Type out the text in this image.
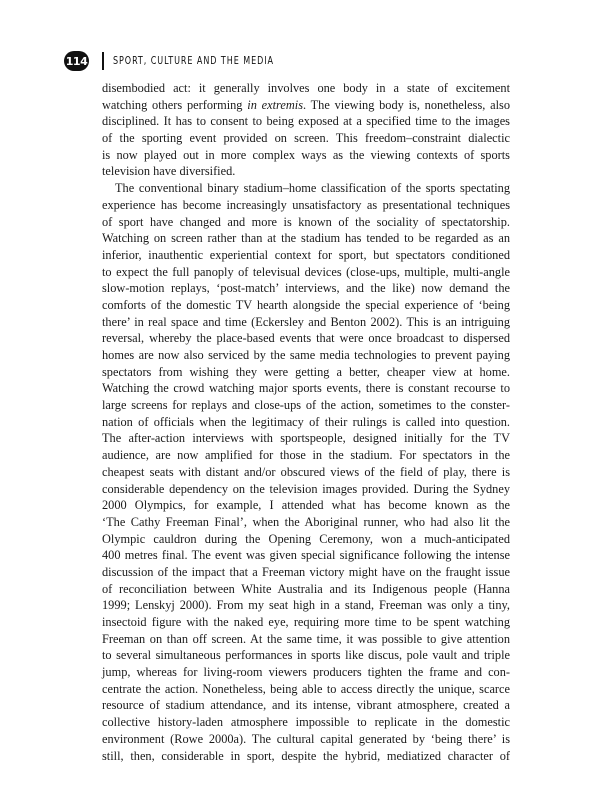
114 SPORT, CULTURE AND THE MEDIA

disembodied act: it generally involves one body in a state of excitement
watching others performing in extremis. The viewing body is, nonetheless, also
disciplined. It has to consent to being exposed at a specified time to the images
of the sporting event provided on screen. This freedom–constraint dialectic
is now played out in more complex ways as the viewing contexts of sports
television have diversified.

The conventional binary stadium–home classification of the sports spectating
experience has become increasingly unsatisfactory as presentational techniques
of sport have changed and more is known of the sociality of spectatorship.
Watching on screen rather than at the stadium has tended to be regarded as an
inferior, inauthentic experiential context for sport, but spectators conditioned
to expect the full panoply of televisual devices (close-ups, multiple, multi-angle
slow-motion replays, ‘post-match’ interviews, and the like) now demand the
comforts of the domestic TV hearth alongside the special experience of ‘being
there’ in real space and time (Eckersley and Benton 2002). This is an intriguing
reversal, whereby the place-based events that were once broadcast to dispersed
homes are now also serviced by the same media technologies to prevent paying
spectators from wishing they were getting a better, cheaper view at home.
Watching the crowd watching major sports events, there is constant recourse to
large screens for replays and close-ups of the action, sometimes to the conster-
nation of officials when the legitimacy of their rulings is called into question.
The after-action interviews with sportspeople, designed initially for the TV
audience, are now amplified for those in the stadium. For spectators in the
cheapest seats with distant and/or obscured views of the field of play, there is
considerable dependency on the television images provided. During the Sydney
2000 Olympics, for example, I attended what has become known as the
‘The Cathy Freeman Final’, when the Aboriginal runner, who had also lit the
Olympic cauldron during the Opening Ceremony, won a much-anticipated
400 metres final. The event was given special significance following the intense
discussion of the impact that a Freeman victory might have on the fraught issue
of reconciliation between White Australia and its Indigenous people (Hanna
1999; Lenskyj 2000). From my seat high in a stand, Freeman was only a tiny,
insectoid figure with the naked eye, requiring more time to be spent watching
Freeman on than off screen. At the same time, it was possible to give attention
to several simultaneous performances in sports like discus, pole vault and triple
jump, whereas for living-room viewers producers tighten the frame and con-
centrate the action. Nonetheless, being able to access directly the unique, scarce
resource of stadium attendance, and its intense, vibrant atmosphere, created a
collective history-laden atmosphere impossible to replicate in the domestic
environment (Rowe 2000a). The cultural capital generated by ‘being there’ is
still, then, considerable in sport, despite the hybrid, mediatized character of
